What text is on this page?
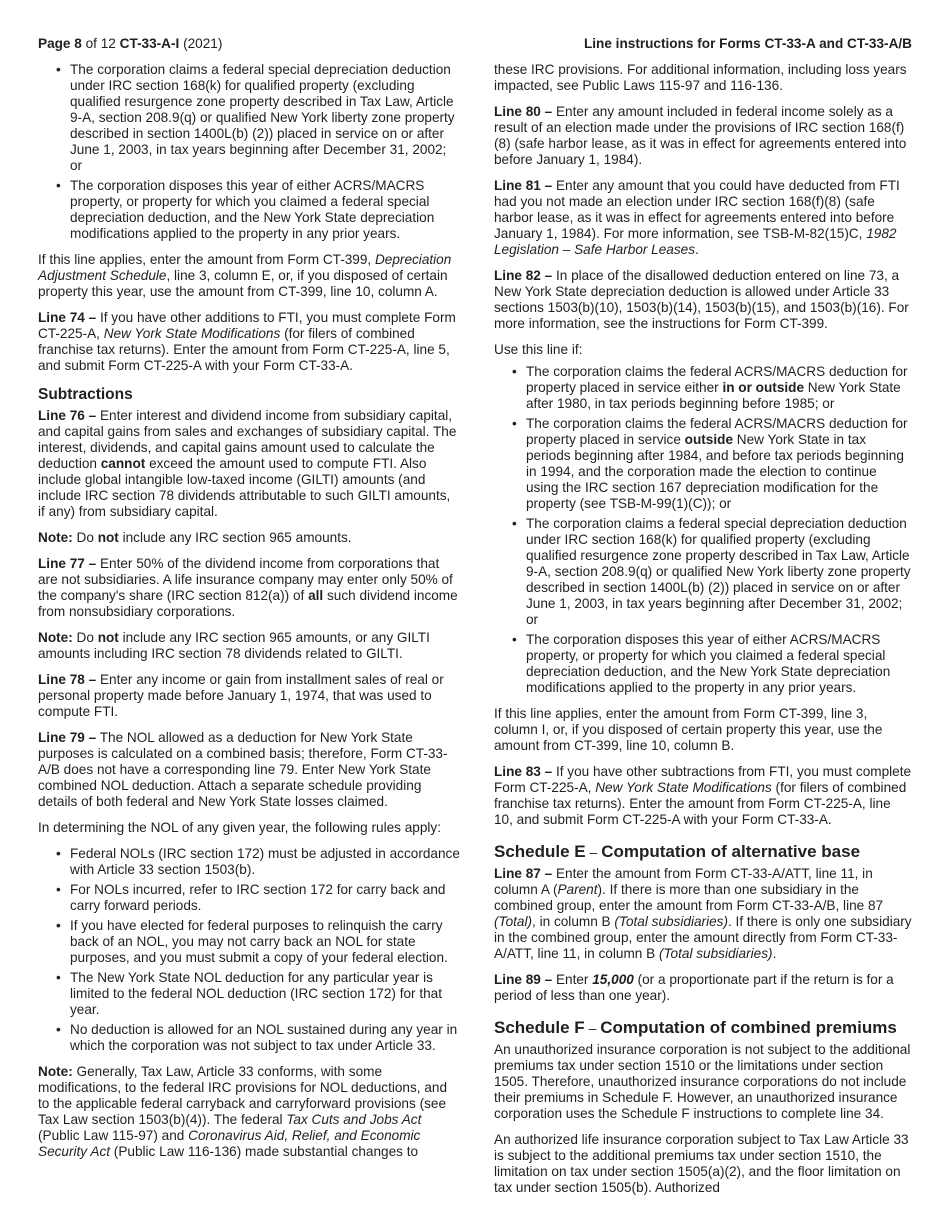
Page 8 of 12 CT-33-A-I (2021)	Line instructions for Forms CT-33-A and CT-33-A/B
• The corporation claims a federal special depreciation deduction under IRC section 168(k) for qualified property (excluding qualified resurgence zone property described in Tax Law, Article 9-A, section 208.9(q) or qualified New York liberty zone property described in section 1400L(b) (2)) placed in service on or after June 1, 2003, in tax years beginning after December 31, 2002; or
• The corporation disposes this year of either ACRS/MACRS property, or property for which you claimed a federal special depreciation deduction, and the New York State depreciation modifications applied to the property in any prior years.

If this line applies, enter the amount from Form CT-399, Depreciation Adjustment Schedule, line 3, column E, or, if you disposed of certain property this year, use the amount from CT-399, line 10, column A.

Line 74 – If you have other additions to FTI, you must complete Form CT-225-A, New York State Modifications (for filers of combined franchise tax returns). Enter the amount from Form CT-225-A, line 5, and submit Form CT-225-A with your Form CT-33-A.

Subtractions

Line 76 – Enter interest and dividend income from subsidiary capital, and capital gains from sales and exchanges of subsidiary capital. The interest, dividends, and capital gains amount used to calculate the deduction cannot exceed the amount used to compute FTI. Also include global intangible low-taxed income (GILTI) amounts (and include IRC section 78 dividends attributable to such GILTI amounts, if any) from subsidiary capital.

Note: Do not include any IRC section 965 amounts.

Line 77 – Enter 50% of the dividend income from corporations that are not subsidiaries. A life insurance company may enter only 50% of the company's share (IRC section 812(a)) of all such dividend income from nonsubsidiary corporations.

Note: Do not include any IRC section 965 amounts, or any GILTI amounts including IRC section 78 dividends related to GILTI.

Line 78 – Enter any income or gain from installment sales of real or personal property made before January 1, 1974, that was used to compute FTI.

Line 79 – The NOL allowed as a deduction for New York State purposes is calculated on a combined basis; therefore, Form CT-33-A/B does not have a corresponding line 79. Enter New York State combined NOL deduction. Attach a separate schedule providing details of both federal and New York State losses claimed.

In determining the NOL of any given year, the following rules apply:

• Federal NOLs (IRC section 172) must be adjusted in accordance with Article 33 section 1503(b).
• For NOLs incurred, refer to IRC section 172 for carry back and carry forward periods.
• If you have elected for federal purposes to relinquish the carry back of an NOL, you may not carry back an NOL for state purposes, and you must submit a copy of your federal election.
• The New York State NOL deduction for any particular year is limited to the federal NOL deduction (IRC section 172) for that year.
• No deduction is allowed for an NOL sustained during any year in which the corporation was not subject to tax under Article 33.

Note: Generally, Tax Law, Article 33 conforms, with some modifications, to the federal IRC provisions for NOL deductions, and to the applicable federal carryback and carryforward provisions (see Tax Law section 1503(b)(4)). The federal Tax Cuts and Jobs Act (Public Law 115-97) and Coronavirus Aid, Relief, and Economic Security Act (Public Law 116-136) made substantial changes to

these IRC provisions. For additional information, including loss years impacted, see Public Laws 115-97 and 116-136.

Line 80 – Enter any amount included in federal income solely as a result of an election made under the provisions of IRC section 168(f)(8) (safe harbor lease, as it was in effect for agreements entered into before January 1, 1984).

Line 81 – Enter any amount that you could have deducted from FTI had you not made an election under IRC section 168(f)(8) (safe harbor lease, as it was in effect for agreements entered into before January 1, 1984). For more information, see TSB-M-82(15)C, 1982 Legislation – Safe Harbor Leases.

Line 82 – In place of the disallowed deduction entered on line 73, a New York State depreciation deduction is allowed under Article 33 sections 1503(b)(10), 1503(b)(14), 1503(b)(15), and 1503(b)(16). For more information, see the instructions for Form CT-399.

Use this line if:

• The corporation claims the federal ACRS/MACRS deduction for property placed in service either in or outside New York State after 1980, in tax periods beginning before 1985; or
• The corporation claims the federal ACRS/MACRS deduction for property placed in service outside New York State in tax periods beginning after 1984, and before tax periods beginning in 1994, and the corporation made the election to continue using the IRC section 167 depreciation modification for the property (see TSB-M-99(1)(C)); or
• The corporation claims a federal special depreciation deduction under IRC section 168(k) for qualified property (excluding qualified resurgence zone property described in Tax Law, Article 9-A, section 208.9(q) or qualified New York liberty zone property described in section 1400L(b) (2)) placed in service on or after June 1, 2003, in tax years beginning after December 31, 2002; or
• The corporation disposes this year of either ACRS/MACRS property, or property for which you claimed a federal special depreciation deduction, and the New York State depreciation modifications applied to the property in any prior years.

If this line applies, enter the amount from Form CT-399, line 3, column I, or, if you disposed of certain property this year, use the amount from CT-399, line 10, column B.

Line 83 – If you have other subtractions from FTI, you must complete Form CT-225-A, New York State Modifications (for filers of combined franchise tax returns). Enter the amount from Form CT-225-A, line 10, and submit Form CT-225-A with your Form CT-33-A.

Schedule E – Computation of alternative base

Line 87 – Enter the amount from Form CT-33-A/ATT, line 11, in column A (Parent). If there is more than one subsidiary in the combined group, enter the amount from Form CT-33-A/B, line 87 (Total), in column B (Total subsidiaries). If there is only one subsidiary in the combined group, enter the amount directly from Form CT-33-A/ATT, line 11, in column B (Total subsidiaries).

Line 89 – Enter 15,000 (or a proportionate part if the return is for a period of less than one year).

Schedule F – Computation of combined premiums

An unauthorized insurance corporation is not subject to the additional premiums tax under section 1510 or the limitations under section 1505. Therefore, unauthorized insurance corporations do not include their premiums in Schedule F. However, an unauthorized insurance corporation uses the Schedule F instructions to complete line 34.

An authorized life insurance corporation subject to Tax Law Article 33 is subject to the additional premiums tax under section 1510, the limitation on tax under section 1505(a)(2), and the floor limitation on tax under section 1505(b). Authorized
